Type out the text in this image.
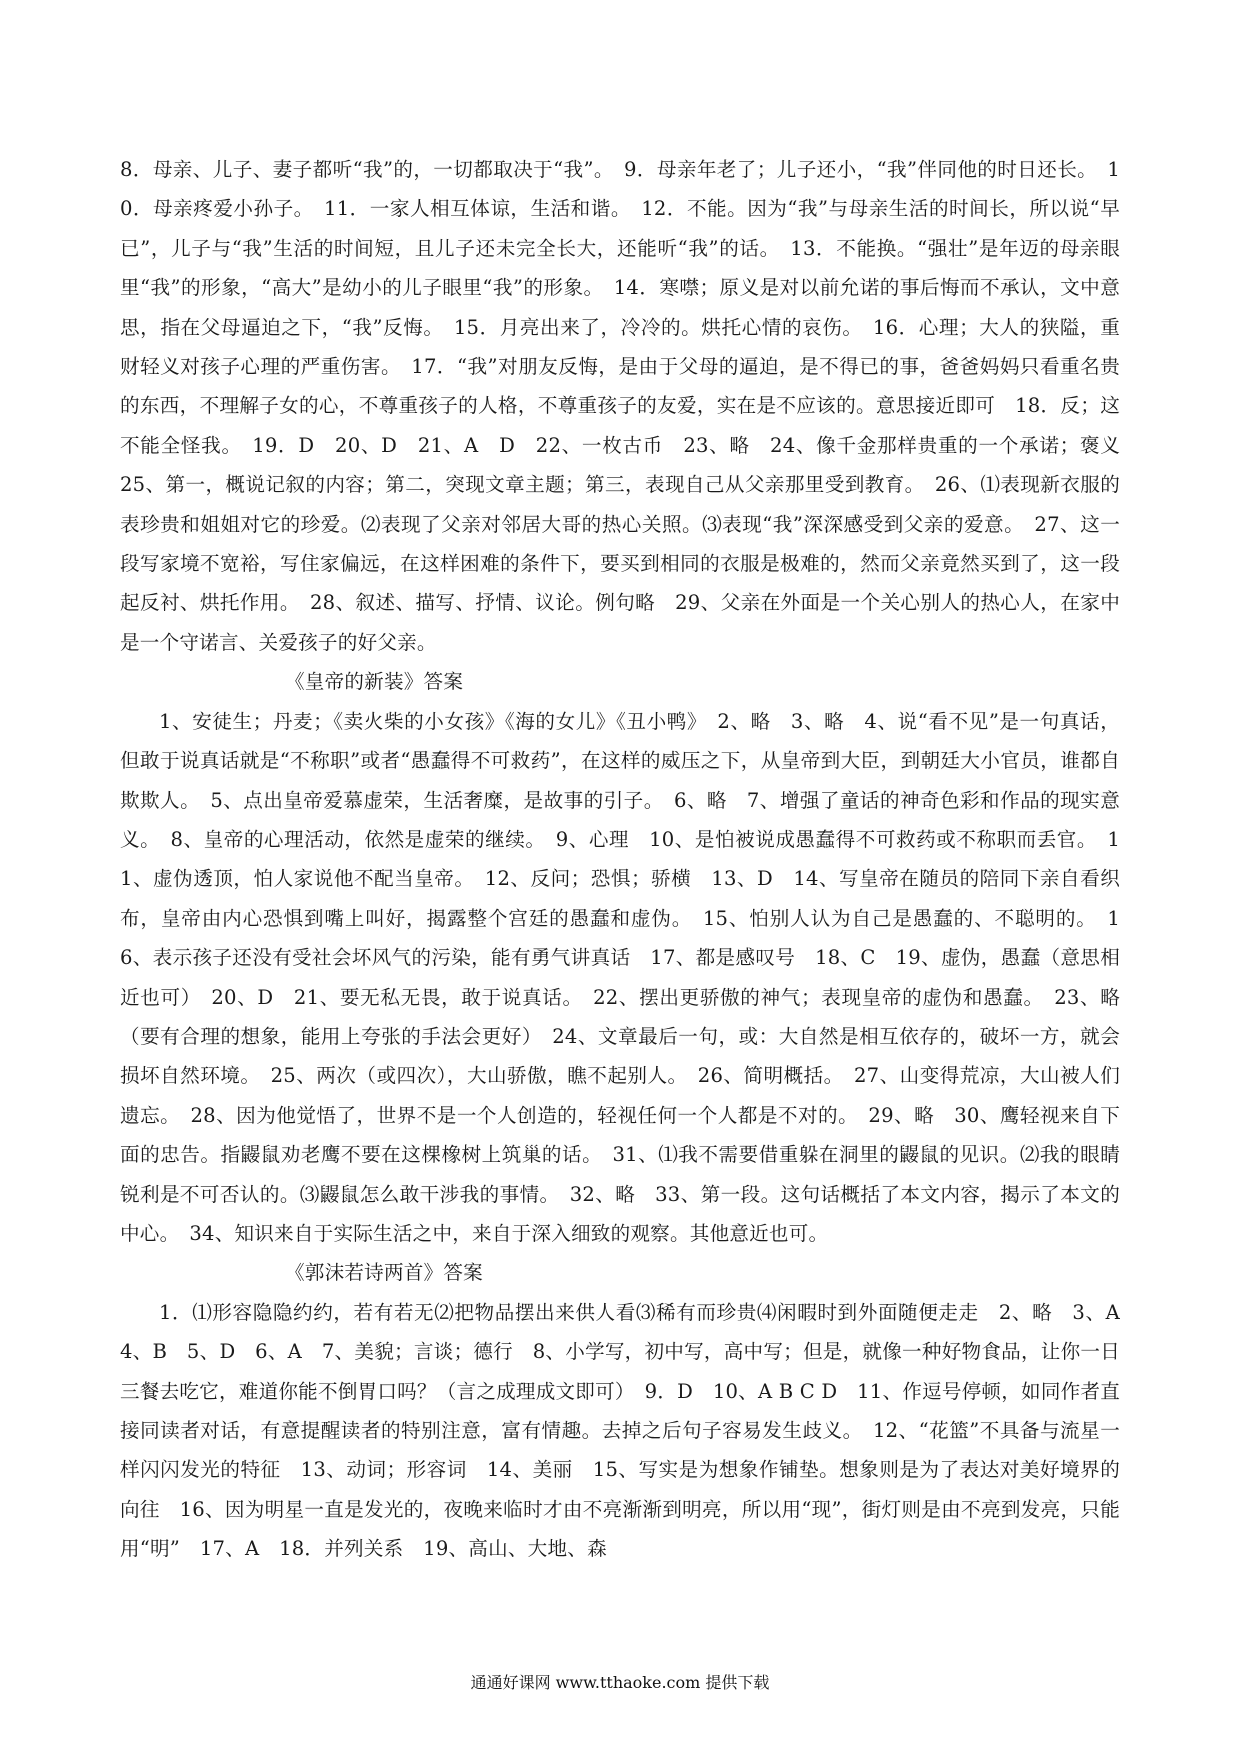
8．母亲、儿子、妻子都听“我”的，一切都取决于“我”。　9．母亲年老了；儿子还小，“我”伴同他的时日还长。　10．母亲疼爱小孙子。　11．一家人相互体谅，生活和谐。　12．不能。因为“我”与母亲生活的时间长，所以说“早已”，儿子与“我”生活的时间短，且儿子还未完全长大，还能听“我”的话。　13．不能换。“强壮”是年迈的母亲眼里“我”的形象，“高大”是幼小的儿子眼里“我”的形象。　14．寒噤；原义是对以前允诺的事后悔而不承认，文中意思，指在父母逼迫之下，“我”反悔。　15．月亮出来了，冷冷的。烘托心情的哀伤。　16．心理；大人的狭隘，重财轻义对孩子心理的严重伤害。　17．“我”对朋友反悔，是由于父母的逼迫，是不得已的事，爸爸妈妈只看重名贵的东西，不理解子女的心，不尊重孩子的人格，不尊重孩子的友爱，实在是不应该的。意思接近即可　18．反；这不能全怪我。　19．D　20、D　21、A　D　22、一枚古币　23、略　24、像千金那样贵重的一个承诺；褒义　25、第一，概说记叙的内容；第二，突现文章主题；第三，表现自己从父亲那里受到教育。　26、⑴表现新衣服的表珍贵和姐姐对它的珍爱。⑵表现了父亲对邻居大哥的热心关照。⑶表现“我”深深感受到父亲的爱意。　27、这一段写家境不宽裕，写住家偏远，在这样困难的条件下，要买到相同的衣服是极难的，然而父亲竟然买到了，这一段起反衬、烘托作用。　28、叙述、描写、抒情、议论。例句略　29、父亲在外面是一个关心别人的热心人，在家中是一个守诺言、关爱孩子的好父亲。

《皇帝的新装》答案

1、安徒生；丹麦；《卖火柴的小女孩》《海的女儿》《丑小鸭》　2、略　3、略　4、说“看不见”是一句真话，但敢于说真话就是“不称职”或者“愚蠢得不可救药”，在这样的威压之下，从皇帝到大臣，到朝廷大小官员，谁都自欺欺人。　5、点出皇帝爱慕虚荣，生活奢糜，是故事的引子。　6、略　7、增强了童话的神奇色彩和作品的现实意义。　8、皇帝的心理活动，依然是虚荣的继续。　9、心理　10、是怕被说成愚蠢得不可救药或不称职而丢官。　11、虚伪透顶，怕人家说他不配当皇帝。　12、反问；恐惧；骄横　13、D　14、写皇帝在随员的陪同下亲自看织布，皇帝由内心恐惧到嘴上叫好，揭露整个宫廷的愚蠢和虚伪。　15、怕别人认为自己是愚蠢的、不聪明的。　16、表示孩子还没有受社会坏风气的污染，能有勇气讲真话　17、都是感叹号　18、C　19、虚伪，愚蠢（意思相近也可）　20、D　21、要无私无畏，敢于说真话。　22、摆出更骄傲的神气；表现皇帝的虚伪和愚蠢。　23、略（要有合理的想象，能用上夸张的手法会更好）　24、文章最后一句，或：大自然是相互依存的，破坏一方，就会损坏自然环境。　25、两次（或四次），大山骄傲，瞧不起别人。　26、简明概括。　27、山变得荒凉，大山被人们遗忘。　28、因为他觉悟了，世界不是一个人创造的，轻视任何一个人都是不对的。　29、略　30、鹰轻视来自下面的忠告。指鼹鼠劝老鹰不要在这棵橡树上筑巢的话。　31、⑴我不需要借重躲在洞里的鼹鼠的见识。⑵我的眼睛锐利是不可否认的。⑶鼹鼠怎么敢干涉我的事情。　32、略　33、第一段。这句话概括了本文内容，揭示了本文的中心。　34、知识来自于实际生活之中，来自于深入细致的观察。其他意近也可。

《郭沫若诗两首》答案

1．⑴形容隐隐约约，若有若无⑵把物品摆出来供人看⑶稀有而珍贵⑷闲暇时到外面随便走走　2、略　3、A　4、B　5、D　6、A　7、美貌；言谈；德行　8、小学写，初中写，高中写；但是，就像一种好物食品，让你一日三餐去吃它，难道你能不倒胃口吗？（言之成理成文即可）　9．D　10、A B C D　11、作逗号停顿，如同作者直接同读者对话，有意提醒读者的特别注意，富有情趣。去掉之后句子容易发生歧义。　12、“花篮”不具备与流星一样闪闪发光的特征　13、动词；形容词　14、美丽　15、写实是为想象作铺垫。想象则是为了表达对美好境界的向往　16、因为明星一直是发光的，夜晚来临时才由不亮渐渐到明亮，所以用“现”，街灯则是由不亮到发亮，只能用“明”　17、A　18．并列关系　19、高山、大地、森

通通好课网 www.tthaoke.com 提供下载
